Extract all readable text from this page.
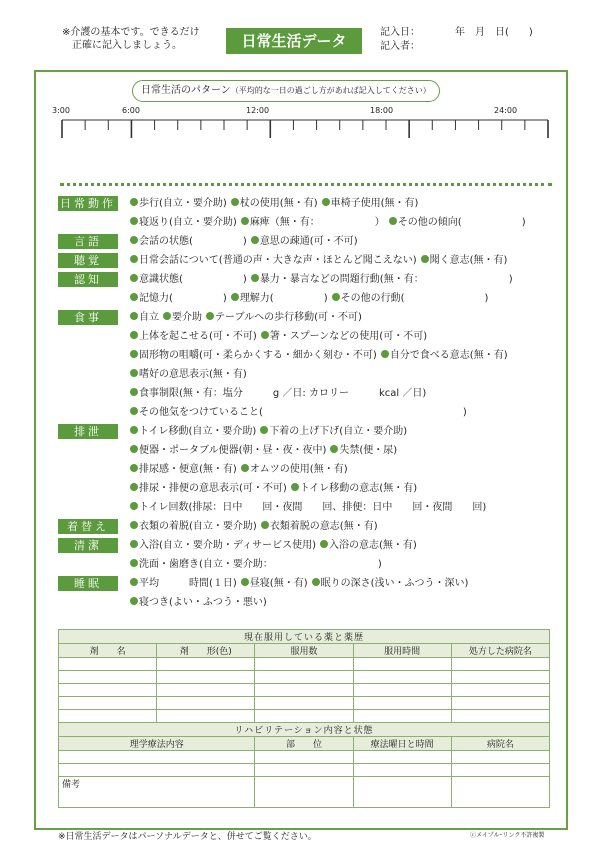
※介護の基本です。できるだけ
正確に記入しましょう。	日常生活データ	記入日：	年　月　日(　　)
記入者：
日常生活のパターン（平均的な一日の過ごし方があれば記入してください）
3:00	6:00	12:00	18:00	24:00
日常動作 歩行(自立・要介助) 杖の使用(無・有) 車椅子使用(無・有)
寝返り(自立・要介助) 麻痺（無・有：　　　　　　） その他の傾向(　　　　　　)
言語	会話の状態(　　　　　) 意思の疎通(可・不可)
聴覚	日常会話について(普通の声・大きな声・ほとんど聞こえない) 聞く意志(無・有)
認知	意識状態(　　　　　　) 暴力・暴言などの問題行動(無・有：　　　　　　　　　)
記憶力(　　　　　) 理解力(　　　　　) その他の行動(　　　　　　　　)
食事	自立 要介助 テーブルへの歩行移動(可・不可)
上体を起こせる(可・不可) 箸・スプーンなどの使用(可・不可)
固形物の咀嚼(可・柔らかくする・細かく刻む・不可) 自分で食べる意志(無・有)
嗜好の意思表示(無・有)
食事制限(無・有：塩分　　　g ／日: カロリー　　　kcal ／日)
その他気をつけていること(　　　　　　　　　　　　　　　　　　　　)
排泄	トイレ移動(自立・要介助) 下着の上げ下げ(自立・要介助)
便器・ポータブル便器(朝・昼・夜・夜中) 失禁(便・尿)
排尿感・便意(無・有) オムツの使用(無・有)
排尿・排便の意思表示(可・不可) トイレ移動の意志(無・有)
トイレ回数(排尿：日中　　回・夜間　　回、排便：日中　　回・夜間　　回)
着替え	衣類の着脱(自立・要介助) 衣類着脱の意志(無・有)
清潔	入浴(自立・要介助・ディサービス使用) 入浴の意志(無・有)
洗面・歯磨き(自立・要介助：　　　　　　　　　　　)
睡眠	平均　　　時間(１日) 昼寝(無・有) 眠りの深さ(浅い・ふつう・深い)
寝つき(よい・ふつう・悪い)
現在服用している薬と薬歴				
剤　　名	剤　　形(色)	服用数	服用時間	処方した病院名

リハビリテーション内容と状態			
理学療法内容	部　　位	療法曜日と時間	病院名

備考			
※日常生活データはパーソナルデータと、併せてご覧ください。	ⓒメイプル･リンク不許複製
